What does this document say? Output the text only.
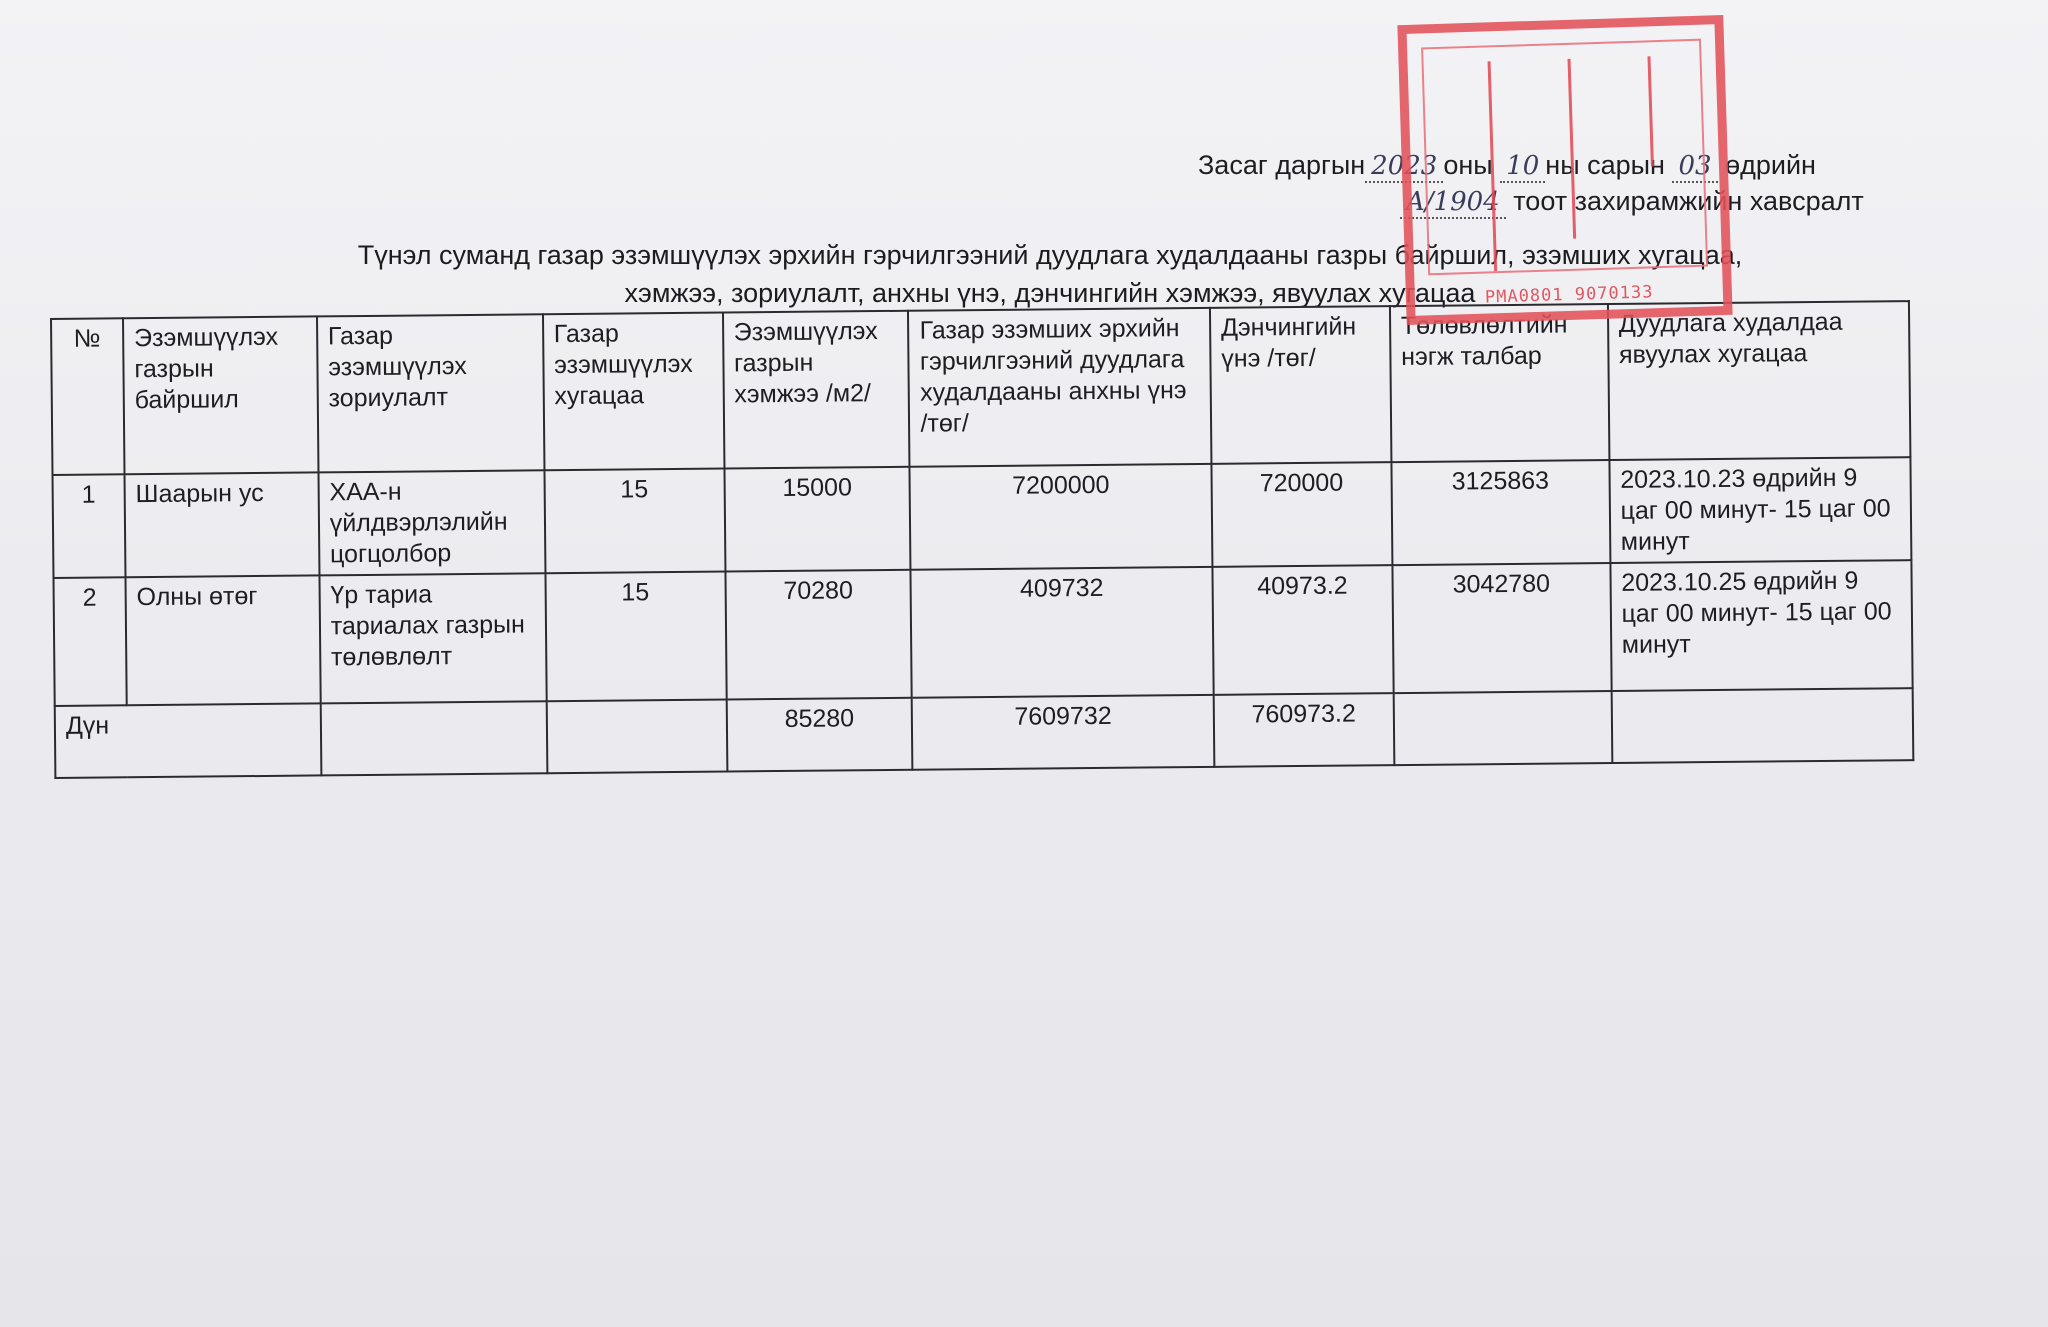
Засаг даргын 2023 оны 10 ны сарын 03 өдрийн
A/1904 тоот захирамжийн хавсралт
Түнэл суманд газар эзэмшүүлэх эрхийн гэрчилгээний дуудлага худалдааны газры байршил, эзэмших хугацаа,
хэмжээ, зориулалт, анхны үнэ, дэнчингийн хэмжээ, явуулах хугацаа
№	Эзэмшүүлэх газрын байршил	Газар эзэмшүүлэх зориулалт	Газар эзэмшүүлэх хугацаа	Эзэмшүүлэх газрын хэмжээ /м2/	Газар эзэмших эрхийн гэрчилгээний дуудлага худалдааны анхны үнэ /төг/	Дэнчингийн үнэ /төг/	Төлөвлөлтийн нэгж талбар	Дуудлага худалдаа явуулах хугацаа
1	Шаарын ус	ХАА-н үйлдвэрлэлийн цогцолбор	15	15000	7200000	720000	3125863	2023.10.23 өдрийн 9 цаг 00 минут- 15 цаг 00 минут
2	Олны өтөг	Үр тариа тариалах газрын төлөвлөлт	15	70280	409732	40973.2	3042780	2023.10.25 өдрийн 9 цаг 00 минут- 15 цаг 00 минут
Дүн				85280	7609732	760973.2		
PMA0801 9070133
